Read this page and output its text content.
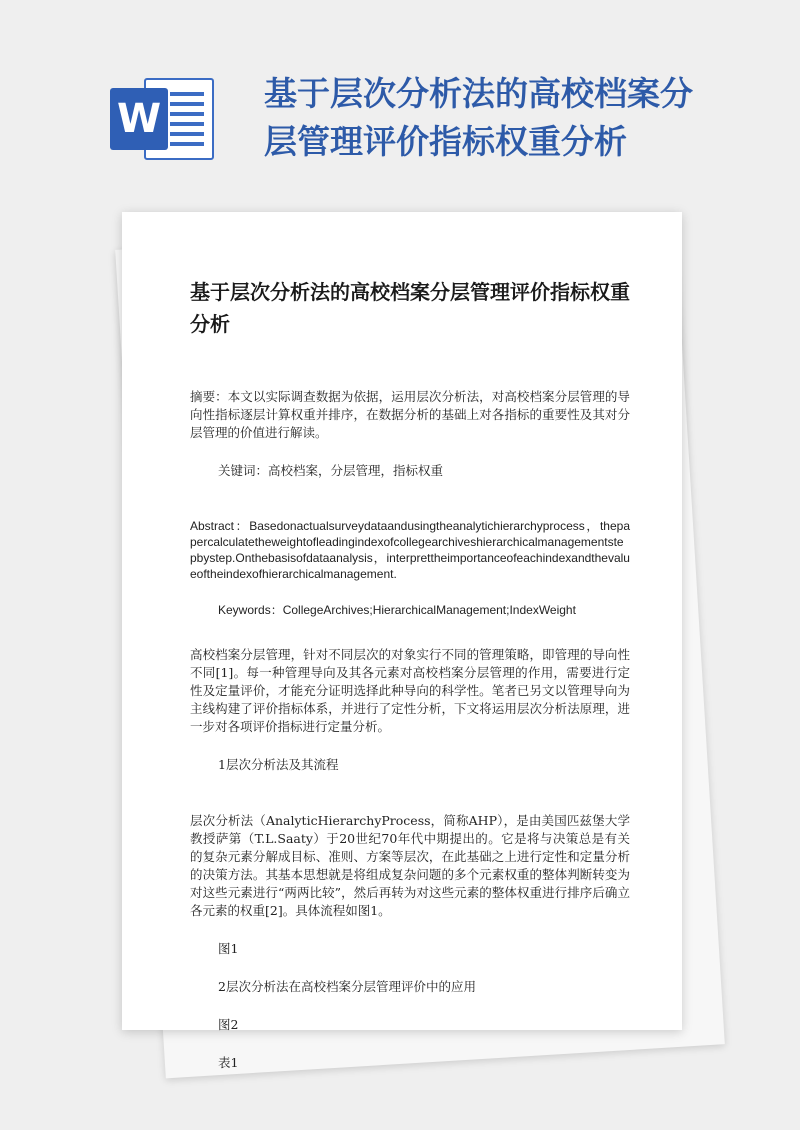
W
基于层次分析法的高校档案分层管理评价指标权重分析
基于层次分析法的高校档案分层管理评价指标权重分析

摘要：本文以实际调查数据为依据，运用层次分析法，对高校档案分层管理的导向性指标逐层计算权重并排序，在数据分析的基础上对各指标的重要性及其对分层管理的价值进行解读。

关键词：高校档案，分层管理，指标权重

Abstract：Basedonactualsurveydataandusingtheanalytichierarchyprocess，thepapercalculatetheweightofleadingindexofcollegearchiveshierarchicalmanagementstepbystep.Onthebasisofdataanalysis，interprettheimportanceofeachindexandthevalueoftheindexofhierarchicalmanagement.

Keywords：CollegeArchives;HierarchicalManagement;IndexWeight

高校档案分层管理，针对不同层次的对象实行不同的管理策略，即管理的导向性不同[1]。每一种管理导向及其各元素对高校档案分层管理的作用，需要进行定性及定量评价，才能充分证明选择此种导向的科学性。笔者已另文以管理导向为主线构建了评价指标体系，并进行了定性分析，下文将运用层次分析法原理，进一步对各项评价指标进行定量分析。

1层次分析法及其流程

层次分析法（AnalyticHierarchyProcess，简称AHP），是由美国匹兹堡大学教授萨第（T.L.Saaty）于20世纪70年代中期提出的。它是将与决策总是有关的复杂元素分解成目标、准则、方案等层次，在此基础之上进行定性和定量分析的决策方法。其基本思想就是将组成复杂问题的多个元素权重的整体判断转变为对这些元素进行“两两比较”，然后再转为对这些元素的整体权重进行排序后确立各元素的权重[2]。具体流程如图1。

图1

2层次分析法在高校档案分层管理评价中的应用

图2

表1
